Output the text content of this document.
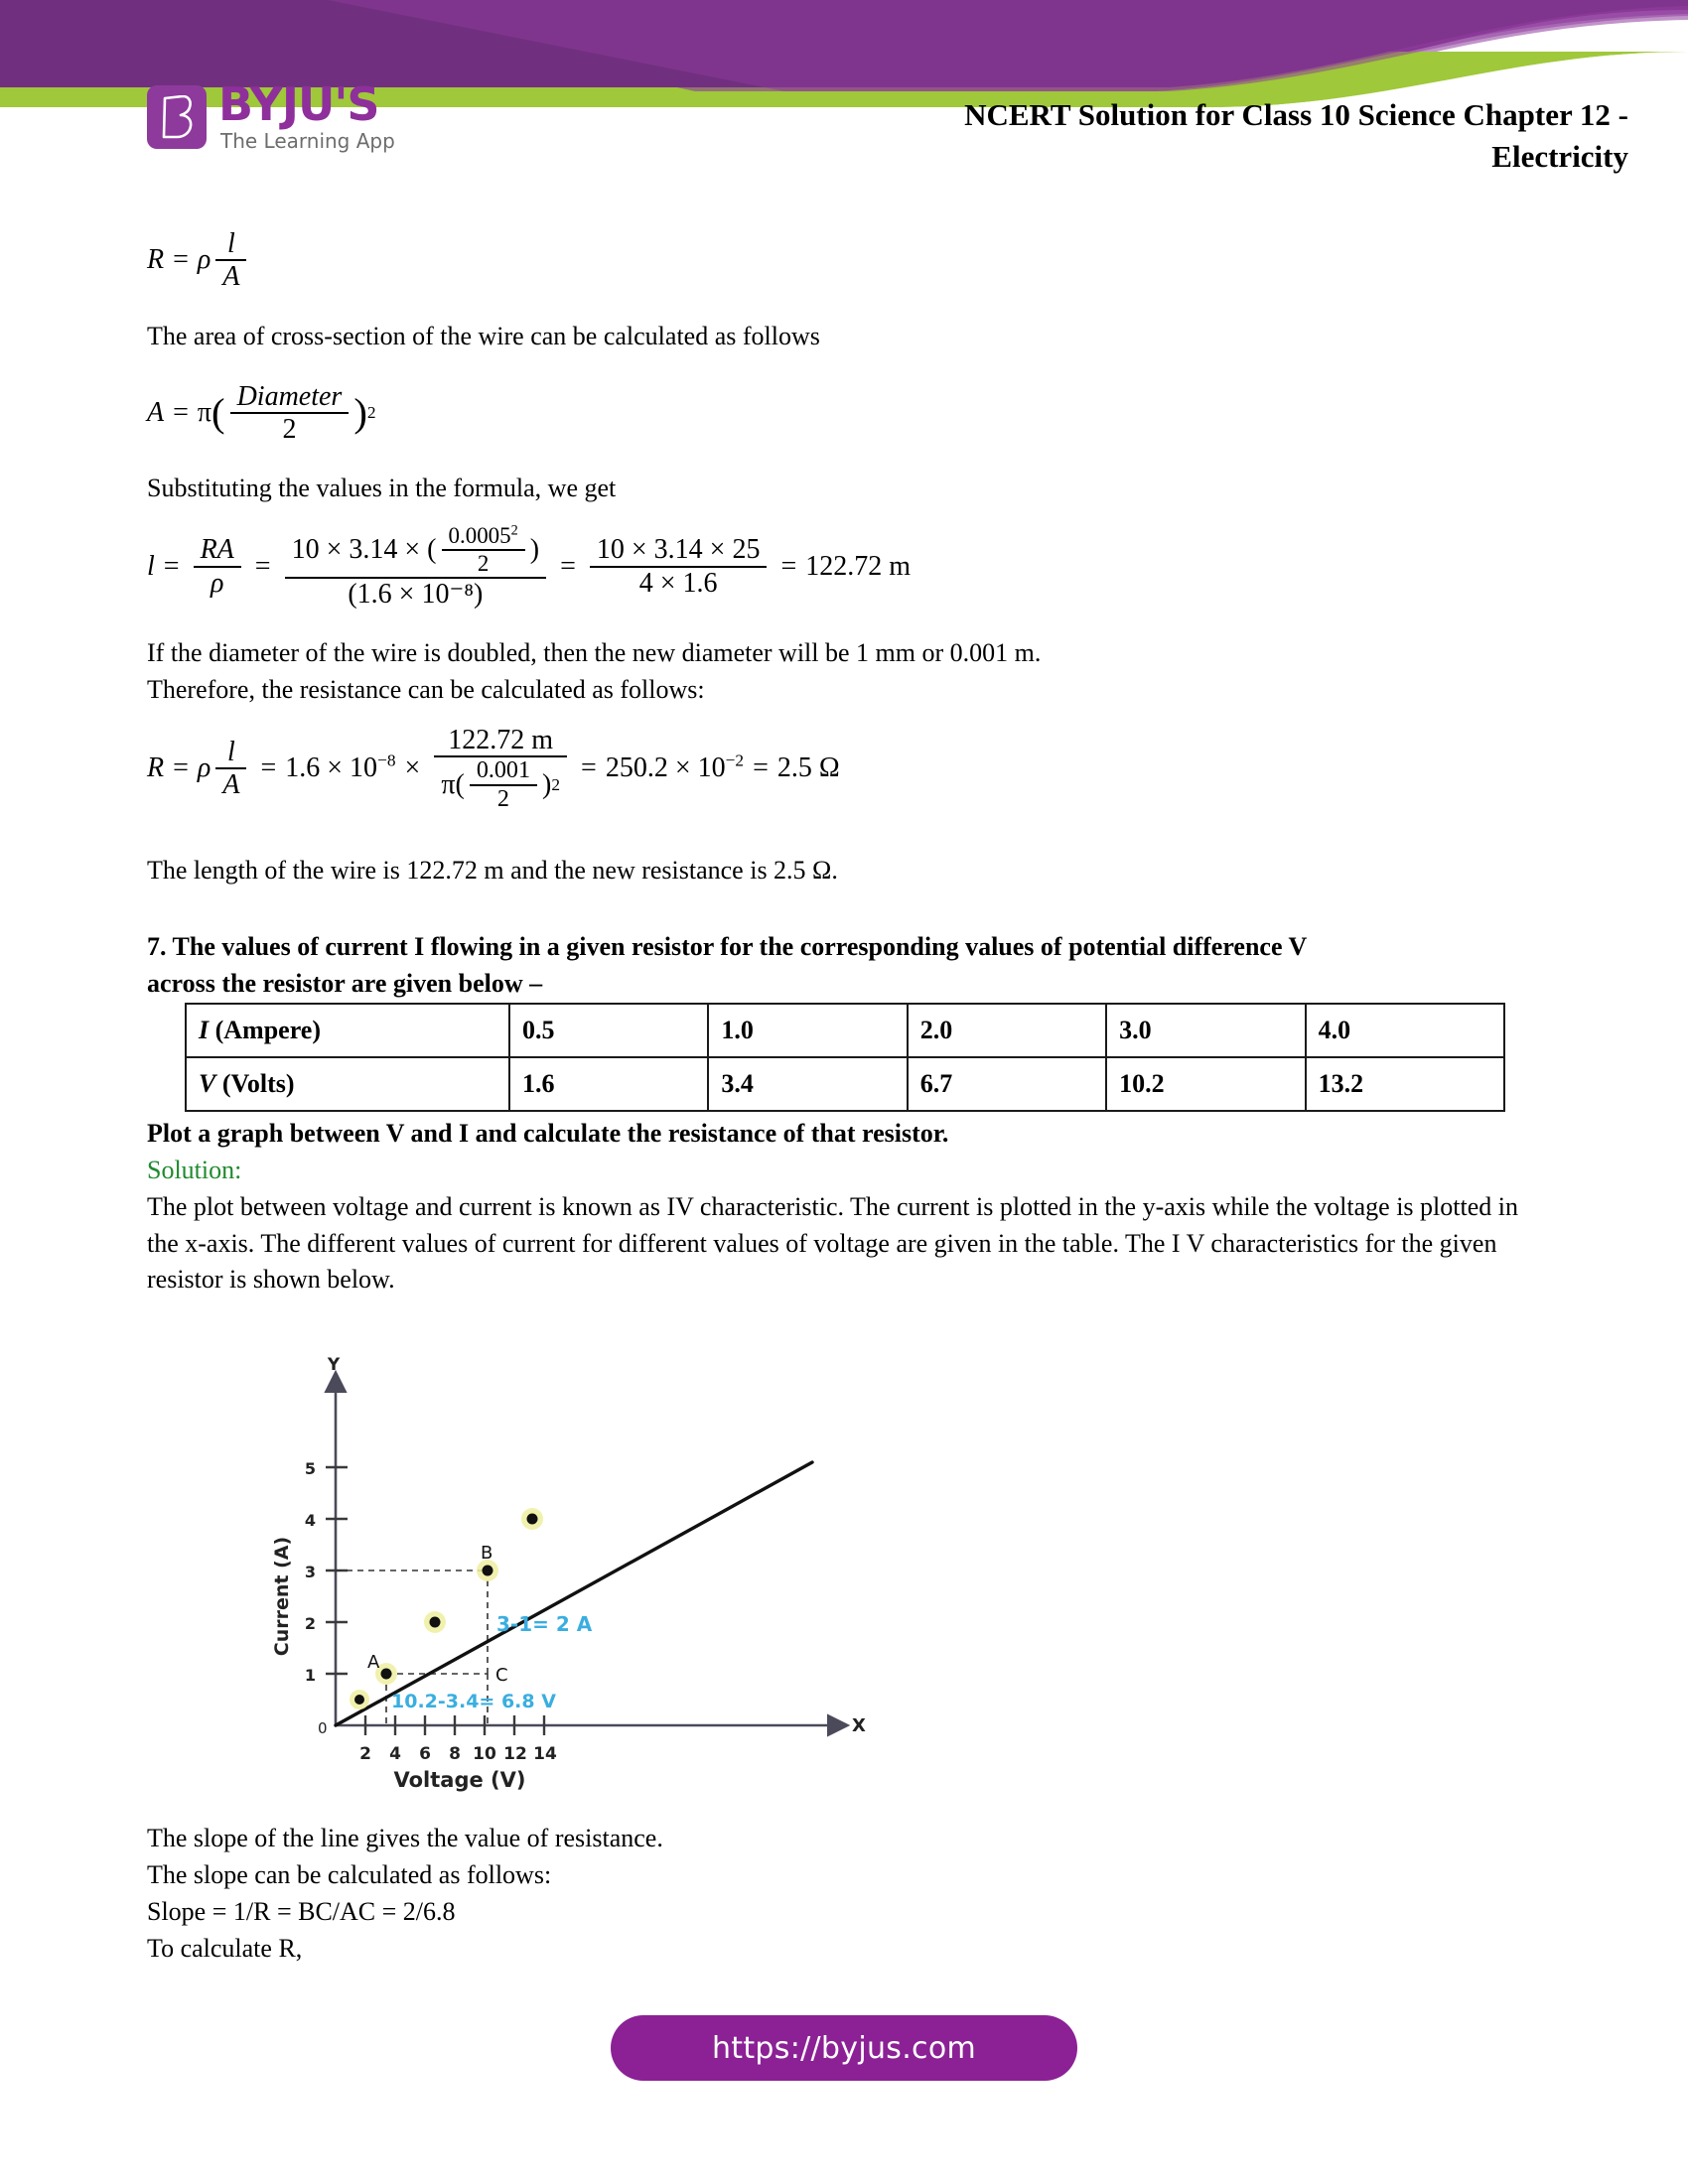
BYJU'S
The Learning App
NCERT Solution for Class 10 Science Chapter 12 -
Electricity
R = ρ $\frac{l}{A}$

The area of cross-section of the wire can be calculated as follows

A = π ( $\frac{\text{Diameter}}{2}$ ) 2

Substituting the values in the formula, we get

$l = \frac{RA}{\rho}$ =
10 × 3.14 × ( $\frac{0.0005^2}{2}$ )
(1.6 × 10⁻⁸)
= $\frac{10 \times 3.14 \times 25}{4 \times 1.6} = 122.72$ m

If the diameter of the wire is doubled, then the new diameter will be 1 mm or 0.001 m.

Therefore, the resistance can be calculated as follows:

R = ρ $\frac{l}{A} = 1.6 \times 10^{-8} \times \frac{122.72 m}{\pi( \frac{0.001}{2} ) 2} = 250.2 \times 10^{-2} = 2.5$ Ω

The length of the wire is 122.72 m and the new resistance is 2.5 Ω.

7. The values of current I flowing in a given resistor for the corresponding values of potential difference V

across the resistor are given below –

I (Ampere)	0.5	1.0	2.0	3.0	4.0
V (Volts)	1.6	3.4	6.7	10.2	13.2

Plot a graph between V and I and calculate the resistance of that resistor.

Solution:

The plot between voltage and current is known as IV characteristic. The current is plotted in the y-axis while the voltage is plotted in the x-axis. The different values of current for different values of voltage are given in the table. The I V characteristics for the given resistor is shown below.

Y
X
0
1
2
3
4
5
2 4 6 8 10 12 14
A
B
C
3-1= 2 A
10.2-3.4= 6.8 V
Current (A)
Voltage (V)

The slope of the line gives the value of resistance.

The slope can be calculated as follows:

Slope = 1/R = BC/AC = 2/6.8

To calculate R,

https://byjus.com
